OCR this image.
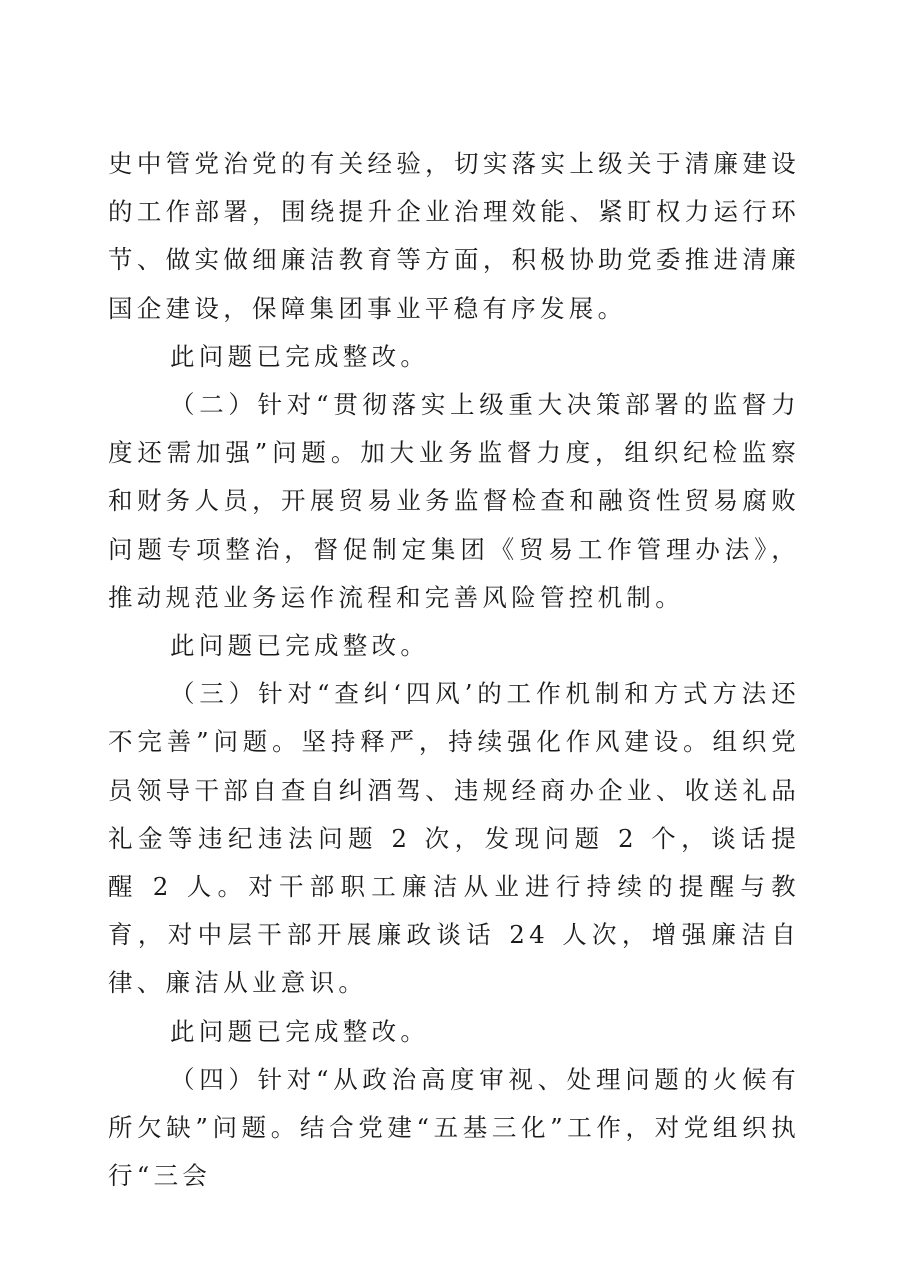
史中管党治党的有关经验，切实落实上级关于清廉建设的工作部署，围绕提升企业治理效能、紧盯权力运行环节、做实做细廉洁教育等方面，积极协助党委推进清廉国企建设，保障集团事业平稳有序发展。

此问题已完成整改。

（二）针对“贯彻落实上级重大决策部署的监督力度还需加强”问题。加大业务监督力度，组织纪检监察和财务人员，开展贸易业务监督检查和融资性贸易腐败问题专项整治，督促制定集团《贸易工作管理办法》，推动规范业务运作流程和完善风险管控机制。

此问题已完成整改。

（三）针对“查纠‘四风’的工作机制和方式方法还不完善”问题。坚持释严，持续强化作风建设。组织党员领导干部自查自纠酒驾、违规经商办企业、收送礼品礼金等违纪违法问题 2 次，发现问题 2 个，谈话提醒 2 人。对干部职工廉洁从业进行持续的提醒与教育，对中层干部开展廉政谈话 24 人次，增强廉洁自律、廉洁从业意识。

此问题已完成整改。

（四）针对“从政治高度审视、处理问题的火候有所欠缺”问题。结合党建“五基三化”工作，对党组织执行“三会
